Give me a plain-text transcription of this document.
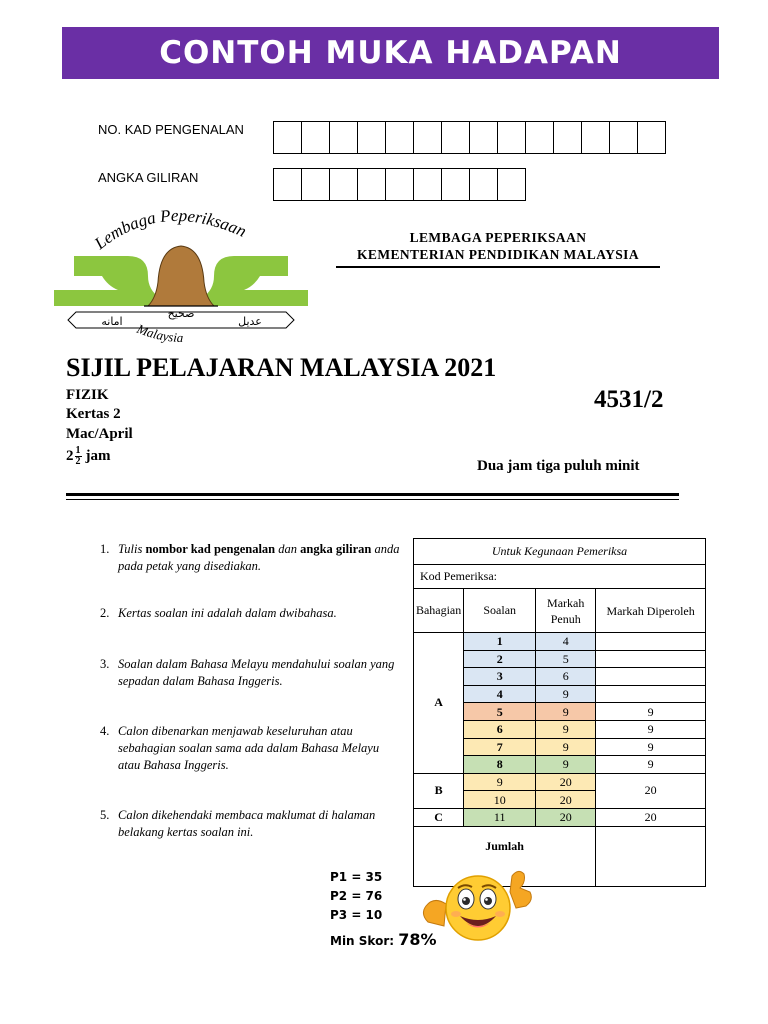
CONTOH MUKA HADAPAN
NO. KAD PENGENALAN
ANGKA GILIRAN
Lembaga Peperiksaan
امانه
صحيح
عديل
Malaysia
LEMBAGA PEPERIKSAAN
KEMENTERIAN PENDIDIKAN MALAYSIA
SIJIL PELAJARAN MALAYSIA 2021
FIZIK
Kertas 2
Mac/April
$2 \frac{1}{2}$ jam
4531/2
Dua jam tiga puluh minit
1. Tulis nombor kad pengenalan dan angka giliran anda pada petak yang disediakan.
2. Kertas soalan ini adalah dalam dwibahasa.
3. Soalan dalam Bahasa Melayu mendahului soalan yang sepadan dalam Bahasa Inggeris.
4. Calon dibenarkan menjawab keseluruhan atau sebahagian soalan sama ada dalam Bahasa Melayu atau Bahasa Inggeris.
5. Calon dikehendaki membaca maklumat di halaman belakang kertas soalan ini.
Untuk Kegunaan Pemeriksa			
Kod Pemeriksa:			
Bahagian	Soalan	Markah Penuh	Markah Diperoleh
A	1	4	
	2	5	
	3	6	
	4	9	
	5	9	9
	6	9	9
	7	9	9
	8	9	9
B	9	20	20
	10	20	
C	11	20	20
Jumlah			
P1 = 35
P2 = 76
P3 = 10
Min Skor: 78%
